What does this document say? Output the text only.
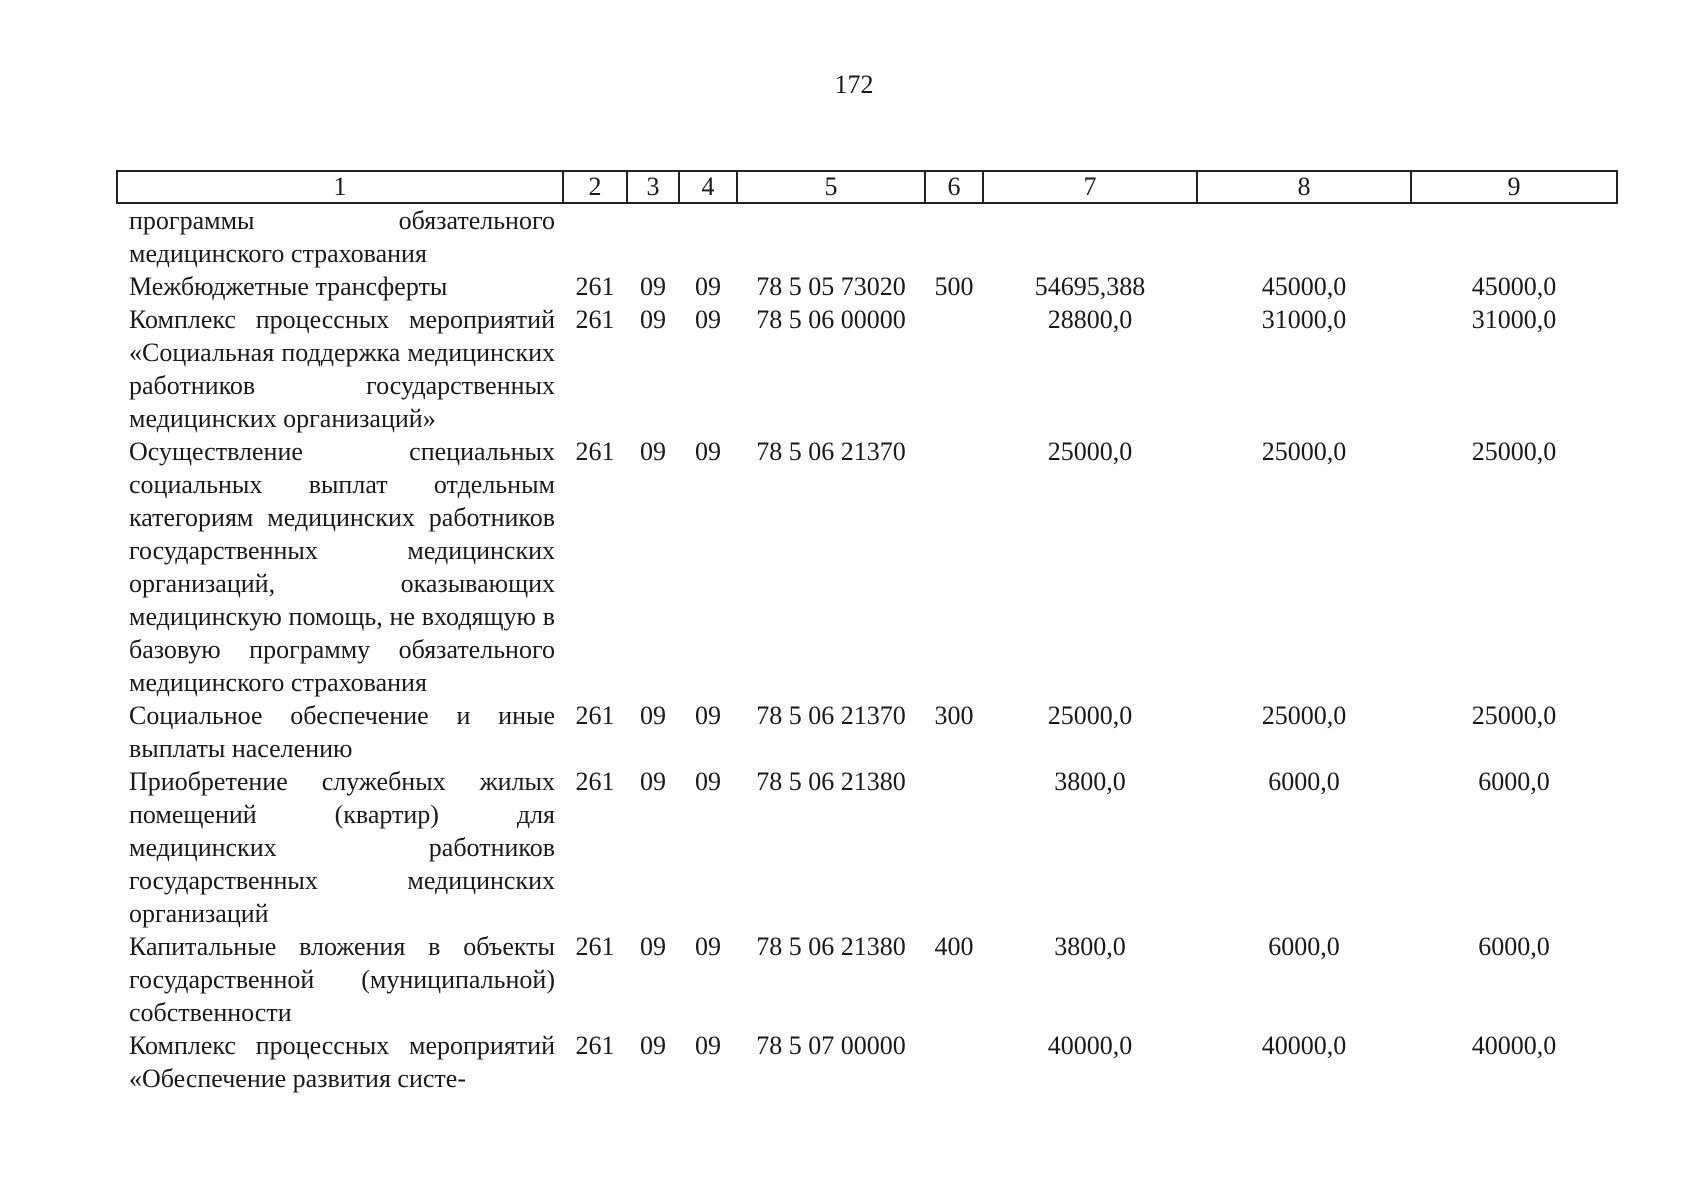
172
1	2	3	4	5	6	7	8	9
программы обязательного медицинского страхования								
Межбюджетные трансферты	261	09	09	78 5 05 73020	500	54695,388	45000,0	45000,0
Комплекс процессных мероприятий «Социальная поддержка медицинских работников государственных медицинских организаций»	261	09	09	78 5 06 00000		28800,0	31000,0	31000,0
Осуществление специальных социальных выплат отдельным категориям медицинских работников государственных медицинских организаций, оказывающих медицинскую помощь, не входящую в базовую программу обязательного медицинского страхования	261	09	09	78 5 06 21370		25000,0	25000,0	25000,0
Социальное обеспечение и иные выплаты населению	261	09	09	78 5 06 21370	300	25000,0	25000,0	25000,0
Приобретение служебных жилых помещений (квартир) для медицинских работников государственных медицинских организаций	261	09	09	78 5 06 21380		3800,0	6000,0	6000,0
Капитальные вложения в объекты государственной (муниципальной) собственности	261	09	09	78 5 06 21380	400	3800,0	6000,0	6000,0
Комплекс процессных мероприятий «Обеспечение развития систе-	261	09	09	78 5 07 00000		40000,0	40000,0	40000,0
